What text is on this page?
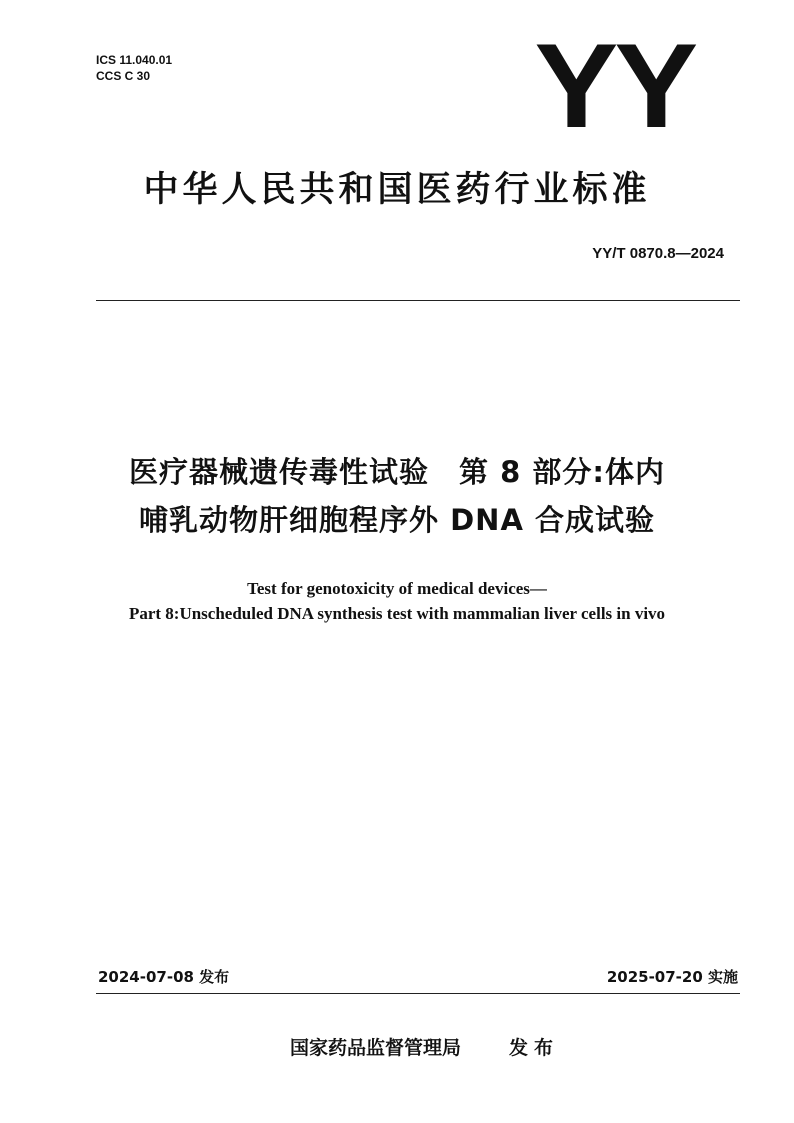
ICS 11.040.01
CCS C 30	YY
中华人民共和国医药行业标准
YY/T 0870.8—2024
医疗器械遗传毒性试验　第 8 部分:体内
哺乳动物肝细胞程序外 DNA 合成试验
Test for genotoxicity of medical devices—
Part 8:Unscheduled DNA synthesis test with mammalian liver cells in vivo
2024-07-08 发布	2025-07-20 实施
国家药品监督管理局	发布
